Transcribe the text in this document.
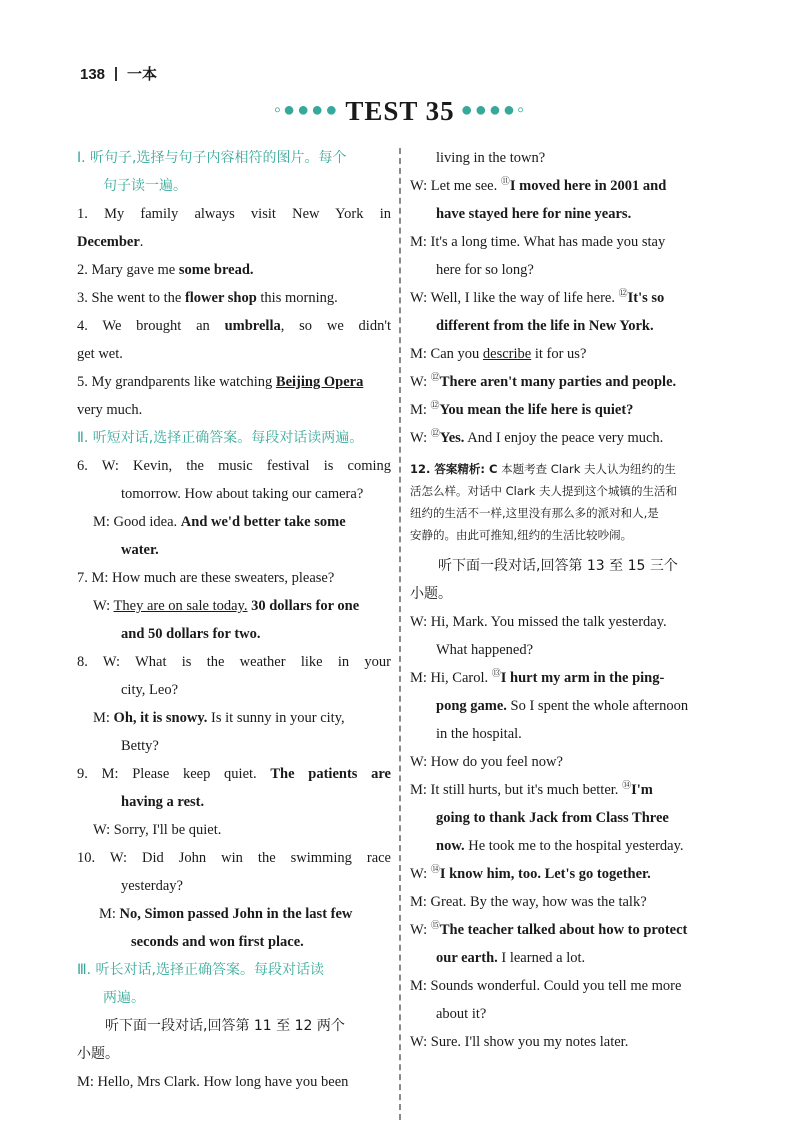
138 一本
◦●●●● TEST 35 ●●●●◦
Ⅰ. 听句子,选择与句子内容相符的图片。每个
句子读一遍。
1. My family always visit New York in
December.
2. Mary gave me some bread.
3. She went to the flower shop this morning.
4. We brought an umbrella, so we didn't
get wet.
5. My grandparents like watching Beijing Opera
very much.
Ⅱ. 听短对话,选择正确答案。每段对话读两遍。
6. W: Kevin, the music festival is coming
tomorrow. How about taking our camera?
M: Good idea. And we'd better take some
water.
7. M: How much are these sweaters, please?
W: They are on sale today. 30 dollars for one
and 50 dollars for two.
8. W: What is the weather like in your
city, Leo?
M: Oh, it is snowy. Is it sunny in your city,
Betty?
9. M: Please keep quiet. The patients are
having a rest.
W: Sorry, I'll be quiet.
10. W: Did John win the swimming race
yesterday?
M: No, Simon passed John in the last few
seconds and won first place.
Ⅲ. 听长对话,选择正确答案。每段对话读
两遍。
听下面一段对话,回答第 11 至 12 两个
小题。
M: Hello, Mrs Clark. How long have you been
living in the town?
W: Let me see. ⑪I moved here in 2001 and
have stayed here for nine years.
M: It's a long time. What has made you stay
here for so long?
W: Well, I like the way of life here. ⑫It's so
different from the life in New York.
M: Can you describe it for us?
W: ⑫There aren't many parties and people.
M: ⑫You mean the life here is quiet?
W: ⑫Yes. And I enjoy the peace very much.
12. 答案精析: C 本题考查 Clark 夫人认为纽约的生
活怎么样。对话中 Clark 夫人提到这个城镇的生活和
纽约的生活不一样,这里没有那么多的派对和人,是
安静的。由此可推知,纽约的生活比较吵闹。
听下面一段对话,回答第 13 至 15 三个
小题。
W: Hi, Mark. You missed the talk yesterday.
What happened?
M: Hi, Carol. ⑬I hurt my arm in the ping-
pong game. So I spent the whole afternoon
in the hospital.
W: How do you feel now?
M: It still hurts, but it's much better. ⑭I'm
going to thank Jack from Class Three
now. He took me to the hospital yesterday.
W: ⑭I know him, too. Let's go together.
M: Great. By the way, how was the talk?
W: ⑮The teacher talked about how to protect
our earth. I learned a lot.
M: Sounds wonderful. Could you tell me more
about it?
W: Sure. I'll show you my notes later.
